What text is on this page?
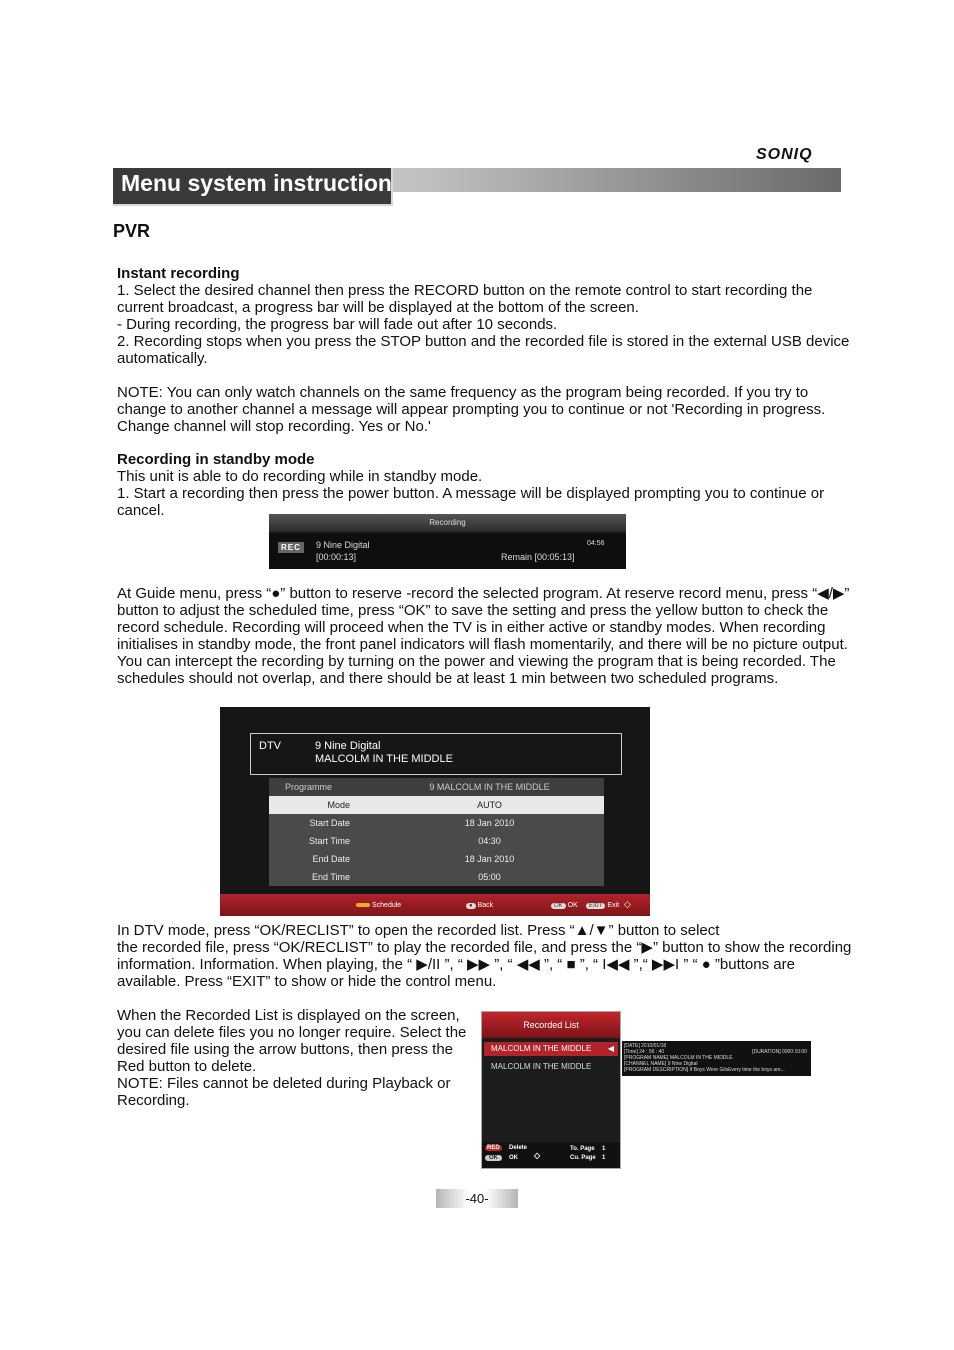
SONIQ
Menu system instruction
PVR

Instant recording

1. Select the desired channel then press the RECORD button on the remote control to start recording the current broadcast, a progress bar will be displayed at the bottom of the screen.

- During recording, the progress bar will fade out after 10 seconds.

2. Recording stops when you press the STOP button and the recorded file is stored in the external USB device automatically.

NOTE: You can only watch channels on the same frequency as the program being recorded. If you try to change to another channel a message will appear prompting you to continue or not 'Recording in progress. Change channel will stop recording. Yes or No.'

Recording in standby mode

This unit is able to do recording while in standby mode.

1. Start a recording then press the power button. A message will be displayed prompting you to continue or cancel.

Recording
REC	9 Nine Digital	04:56
[00:00:13]	Remain [00:05:13]

At Guide menu, press “●” button to reserve -record the selected program. At reserve record menu, press “◀/▶” button to adjust the scheduled time, press “OK” to save the setting and press the yellow button to check the record schedule. Recording will proceed when the TV is in either active or standby modes. When recording initialises in standby mode, the front panel indicators will flash momentarily, and there will be no picture output. You can intercept the recording by turning on the power and viewing the program that is being recorded. The schedules should not overlap, and there should be at least 1 min between two scheduled programs.

DTV	9 Nine Digital
MALCOLM IN THE MIDDLE
Programme	9 MALCOLM IN THE MIDDLE
Mode	AUTO
Start Date	18 Jan 2010
Start Time	04:30
End Date	18 Jan 2010
End Time	05:00
Schedule	● Back	OK OK	EXIT Exit ◇

In DTV mode, press “OK/RECLIST” to open the recorded list. Press “▲/▼” button to select

the recorded file, press “OK/RECLIST” to play the recorded file, and press the “▶” button to show the recording information. Information. When playing, the “ ▶/II ”, “ ▶▶ ”, “ ◀◀ ”, “ ■ ”, “ I◀◀ ”,“ ▶▶I ” “ ● ”buttons are available. Press “EXIT” to show or hide the control menu.

When the Recorded List is displayed on the screen, you can delete files you no longer require. Select the desired file using the arrow buttons, then press the Red button to delete.

NOTE: Files cannot be deleted during Playback or Recording.

Recorded List
MALCOLM IN THE MIDDLE ◀
MALCOLM IN THE MIDDLE
RED	Delete
OK	OK ◇
To. Page 1
Cu. Page 1
[DATE] 2010/01/18
[Time] 24 : 56 : 40	[DURATION] 0000:10:00
[PROGRAM NAME] MALCOLM IN THE MIDDLE
[CHANNEL NAME] 9 Nine Digital
[PROGRAM DESCRIPTION] If Boys Were GilsEvery time the boys are...
-40-
